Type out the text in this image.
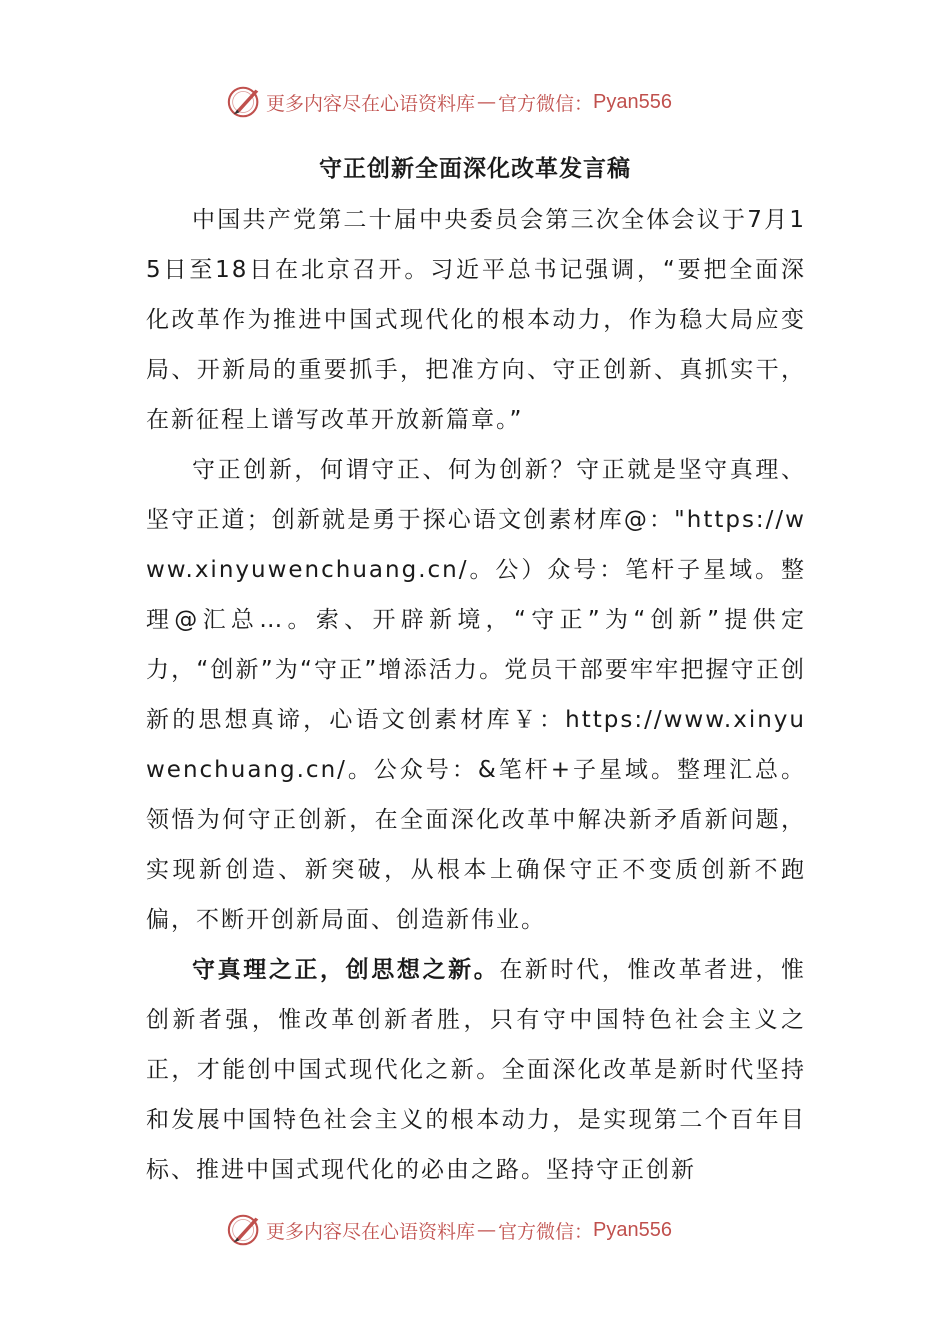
更多内容尽在心语资料库 — 官方微信： Pyan556
守正创新全面深化改革发言稿

中国共产党第二十届中央委员会第三次全体会议于7月15日至18日在北京召开。习近平总书记强调，“要把全面深化改革作为推进中国式现代化的根本动力，作为稳大局应变局、开新局的重要抓手，把准方向、守正创新、真抓实干，在新征程上谱写改革开放新篇章。”

守正创新，何谓守正、何为创新？守正就是坚守真理、坚守正道；创新就是勇于探心语文创素材库@："https://www.xinyuwenchuang.cn/。公）众号：笔杆子星域。整理@汇总…。索、开辟新境，“守正”为“创新”提供定力，“创新”为“守正”增添活力。党员干部要牢牢把握守正创新的思想真谛，心语文创素材库￥：https://www.xinyuwenchuang.cn/。公众号：&笔杆+子星域。整理汇总。领悟为何守正创新，在全面深化改革中解决新矛盾新问题，实现新创造、新突破，从根本上确保守正不变质创新不跑偏，不断开创新局面、创造新伟业。

守真理之正，创思想之新。在新时代，惟改革者进，惟创新者强，惟改革创新者胜，只有守中国特色社会主义之正，才能创中国式现代化之新。全面深化改革是新时代坚持和发展中国特色社会主义的根本动力，是实现第二个百年目标、推进中国式现代化的必由之路。坚持守正创新

更多内容尽在心语资料库 — 官方微信： Pyan556
